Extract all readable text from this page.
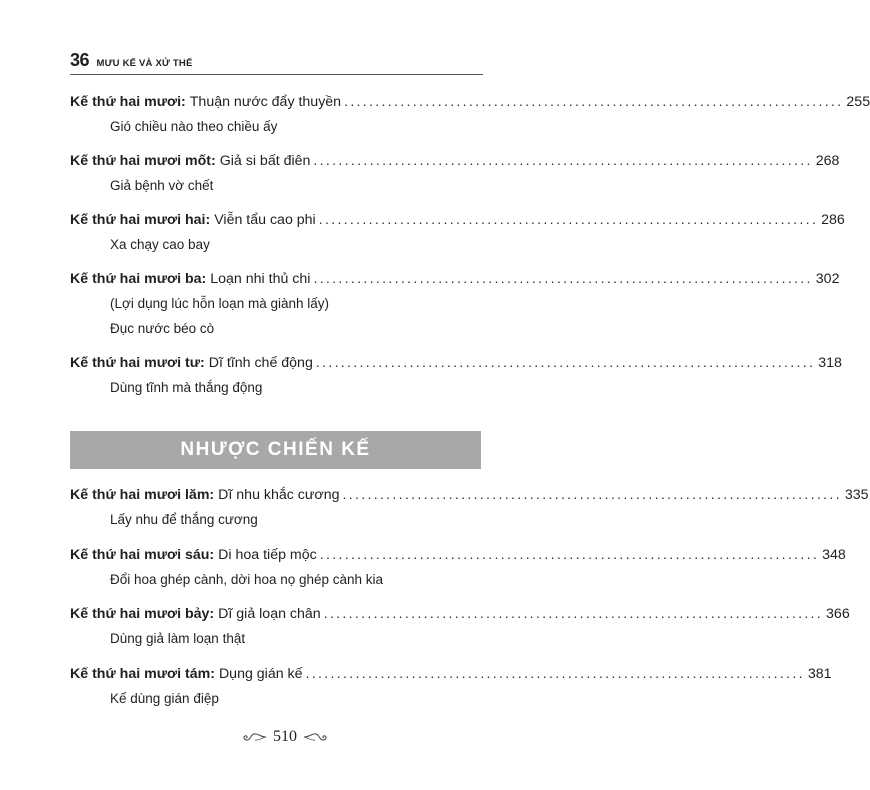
36 MƯU KẾ VÀ XỬ THẾ
Kế thứ hai mươi: Thuận nước đẩy thuyền ................................................................................ 255
Gió chiều nào theo chiều ấy
Kế thứ hai mươi mốt: Giả si bất điên ................................................................................ 268
Giả bệnh vờ chết
Kế thứ hai mươi hai: Viễn tẩu cao phi ................................................................................ 286
Xa chạy cao bay
Kế thứ hai mươi ba: Loạn nhi thủ chi ................................................................................ 302
(Lợi dụng lúc hỗn loạn mà giành lấy)
Đục nước béo cò
Kế thứ hai mươi tư: Dĩ tĩnh chế động ................................................................................ 318
Dùng tĩnh mà thắng động
NHƯỢC CHIẾN KẾ
Kế thứ hai mươi lăm: Dĩ nhu khắc cương ................................................................................ 335
Lấy nhu để thắng cương
Kế thứ hai mươi sáu: Di hoa tiếp mộc ................................................................................ 348
Đổi hoa ghép cành, dời hoa nọ ghép cành kia
Kế thứ hai mươi bảy: Dĩ giả loạn chân ................................................................................ 366
Dùng giả làm loạn thật
Kế thứ hai mươi tám: Dụng gián kế ................................................................................ 381
Kế dùng gián điệp
510
